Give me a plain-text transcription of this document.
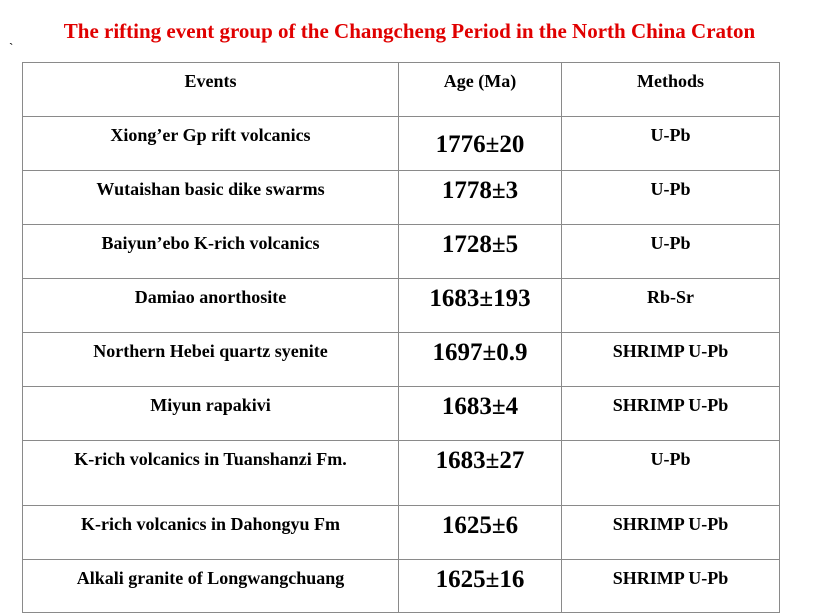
The rifting event group of the Changcheng Period in the North China Craton
`
Events	Age (Ma)	Methods

Xiong’er Gp rift volcanics	1776±20	U-Pb

Wutaishan basic dike swarms	1778±3	U-Pb

Baiyun’ebo K-rich volcanics	1728±5	U-Pb

Damiao anorthosite	1683±193	Rb-Sr

Northern Hebei quartz syenite	1697±0.9	SHRIMP U-Pb

Miyun rapakivi	1683±4	SHRIMP U-Pb

K-rich volcanics in Tuanshanzi Fm.	1683±27	U-Pb

K-rich volcanics in Dahongyu Fm	1625±6	SHRIMP U-Pb

Alkali granite of Longwangchuang	1625±16	SHRIMP U-Pb
